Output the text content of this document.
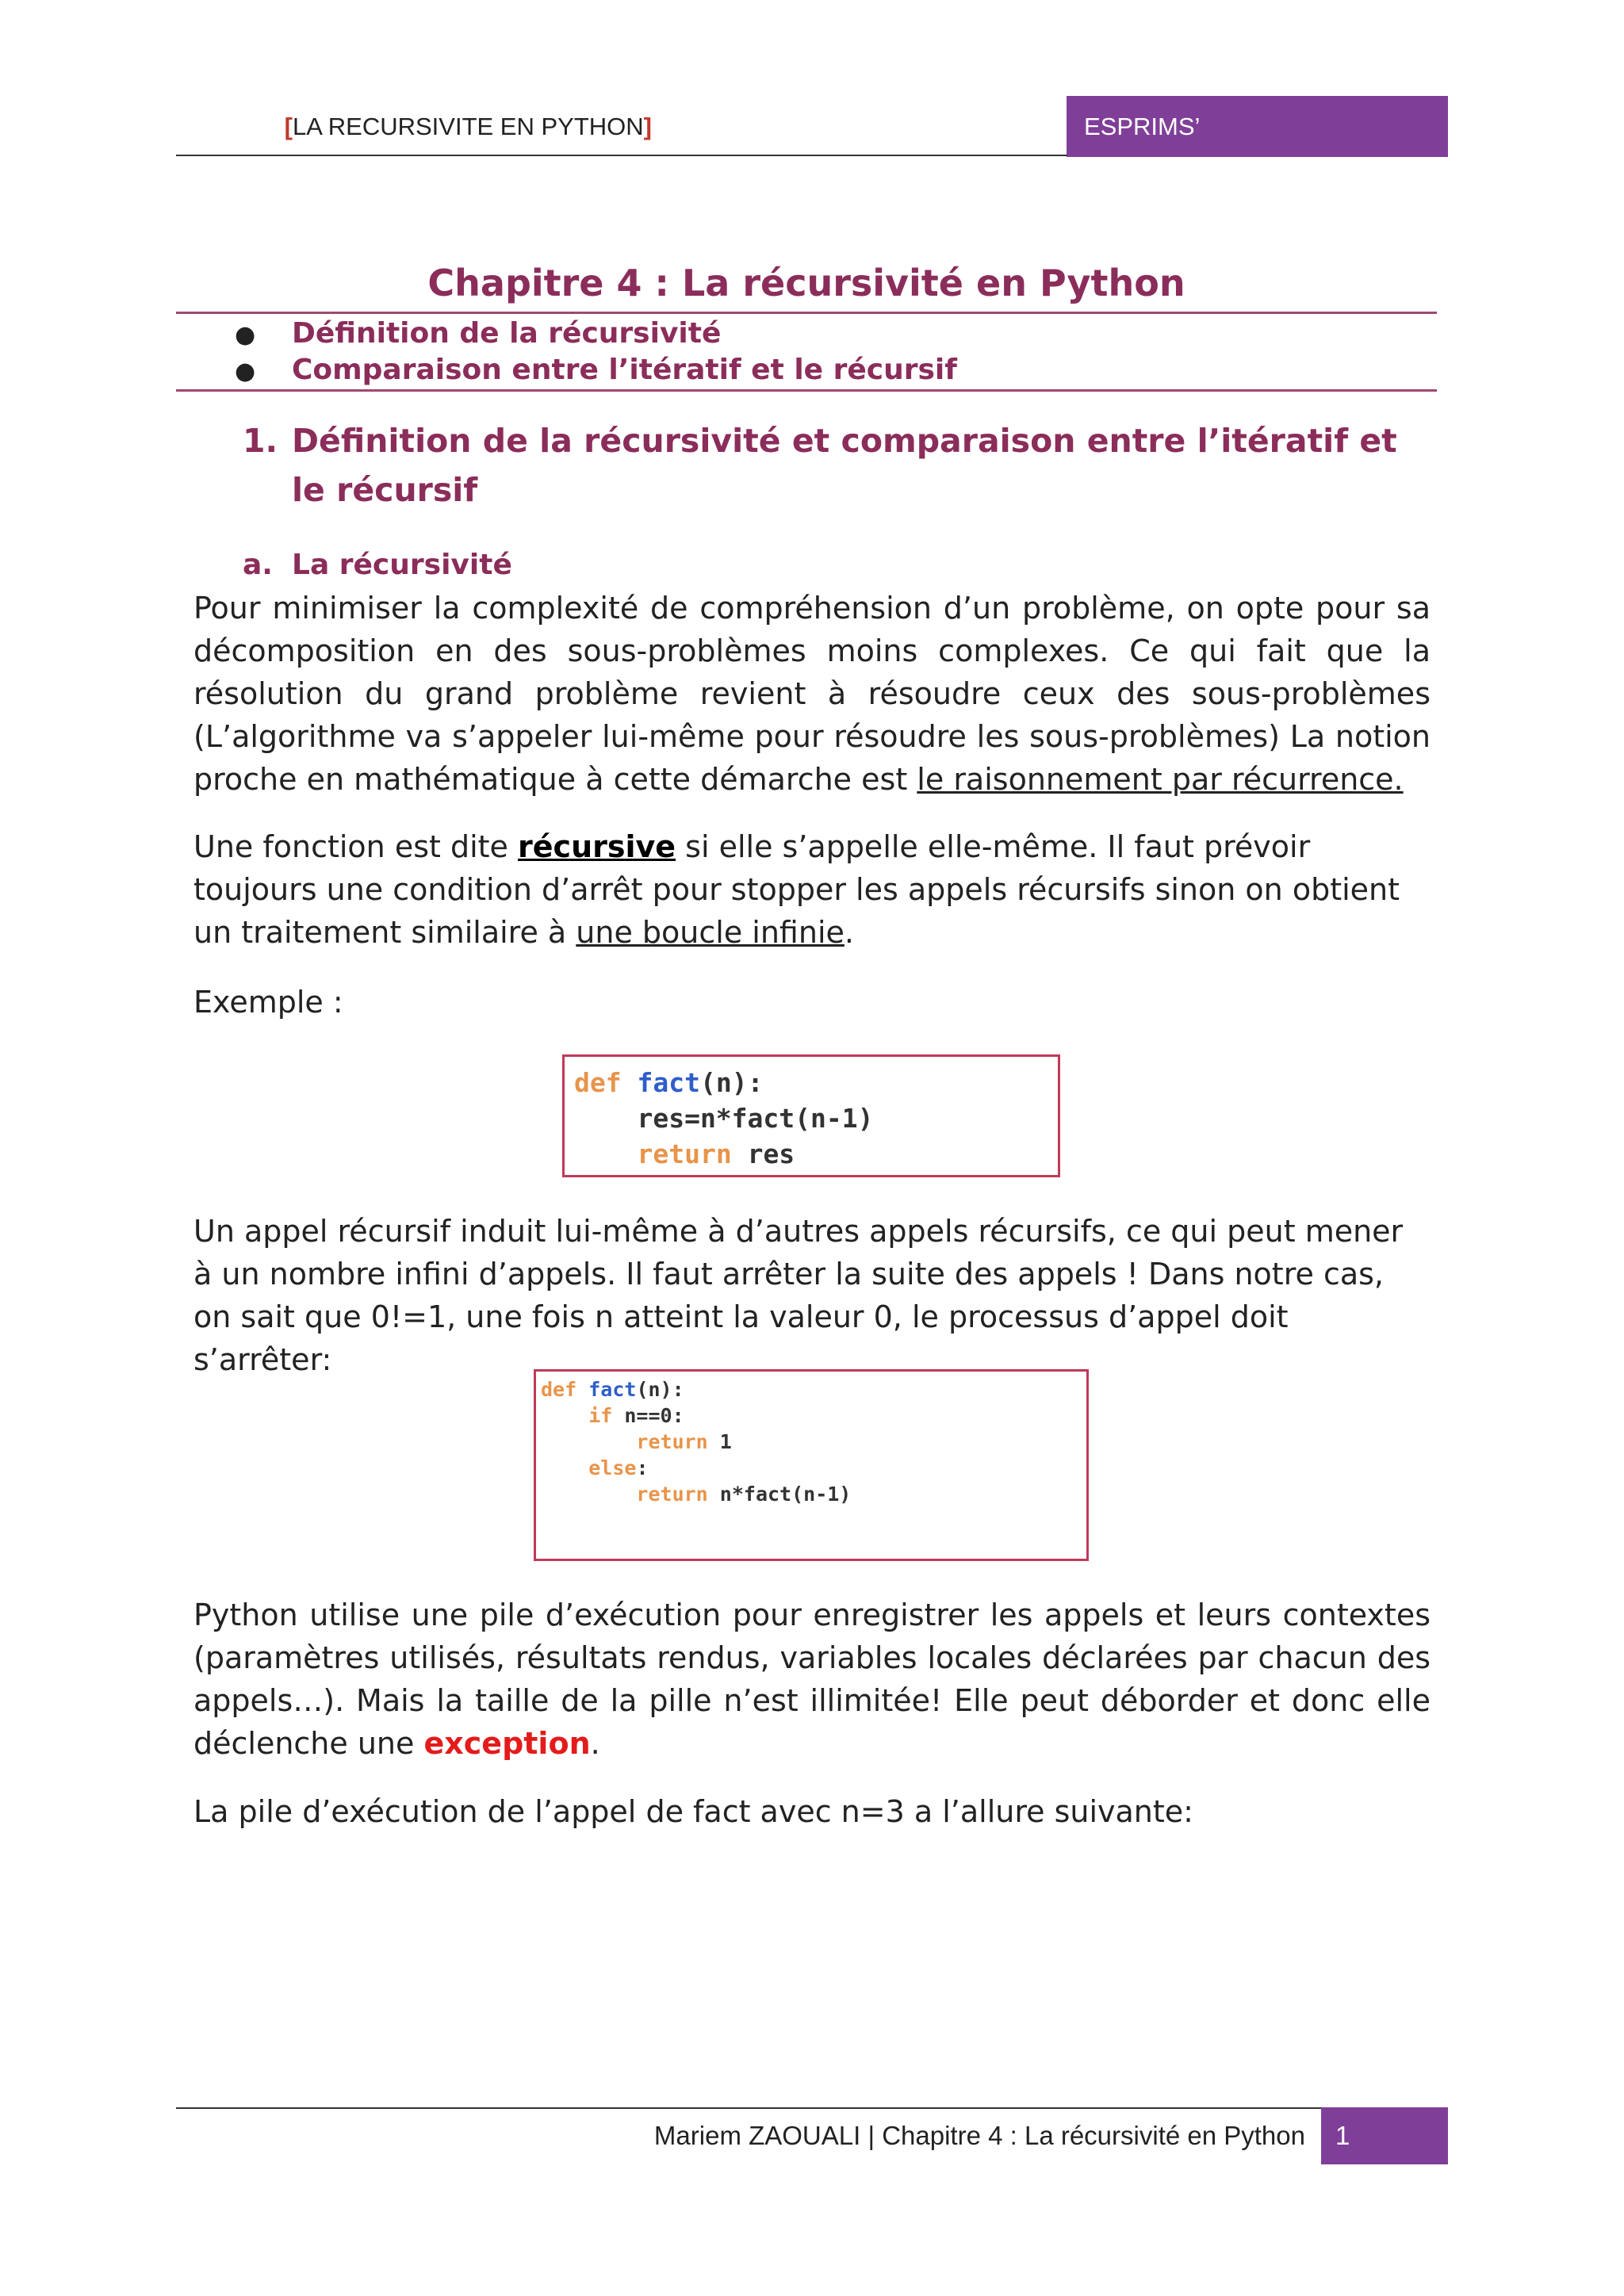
[LA RECURSIVITE EN PYTHON]	ESPRIMS’
Chapitre 4 : La récursivité en Python
● Définition de la récursivité
● Comparaison entre l’itératif et le récursif
1. Définition de la récursivité et comparaison entre l’itératif et le récursif
a. La récursivité
Pour minimiser la complexité de compréhension d’un problème, on opte pour sa décomposition en des sous-problèmes moins complexes. Ce qui fait que la résolution du grand problème revient à résoudre ceux des sous-problèmes (L’algorithme va s’appeler lui-même pour résoudre les sous-problèmes) La notion proche en mathématique à cette démarche est le raisonnement par récurrence.
Une fonction est dite récursive si elle s’appelle elle-même. Il faut prévoir toujours une condition d’arrêt pour stopper les appels récursifs sinon on obtient un traitement similaire à une boucle infinie.
Exemple :
def fact(n):
res=n*fact(n-1)
return res
Un appel récursif induit lui-même à d’autres appels récursifs, ce qui peut mener à un nombre infini d’appels. Il faut arrêter la suite des appels ! Dans notre cas, on sait que 0!=1, une fois n atteint la valeur 0, le processus d’appel doit s’arrêter:
def fact(n):
if n==0:
return 1
else:
return n*fact(n-1)
Python utilise une pile d’exécution pour enregistrer les appels et leurs contextes (paramètres utilisés, résultats rendus, variables locales déclarées par chacun des appels…). Mais la taille de la pille n’est illimitée! Elle peut déborder et donc elle déclenche une exception.
La pile d’exécution de l’appel de fact avec n=3 a l’allure suivante:
Mariem ZAOUALI | Chapitre 4 : La récursivité en Python	1
